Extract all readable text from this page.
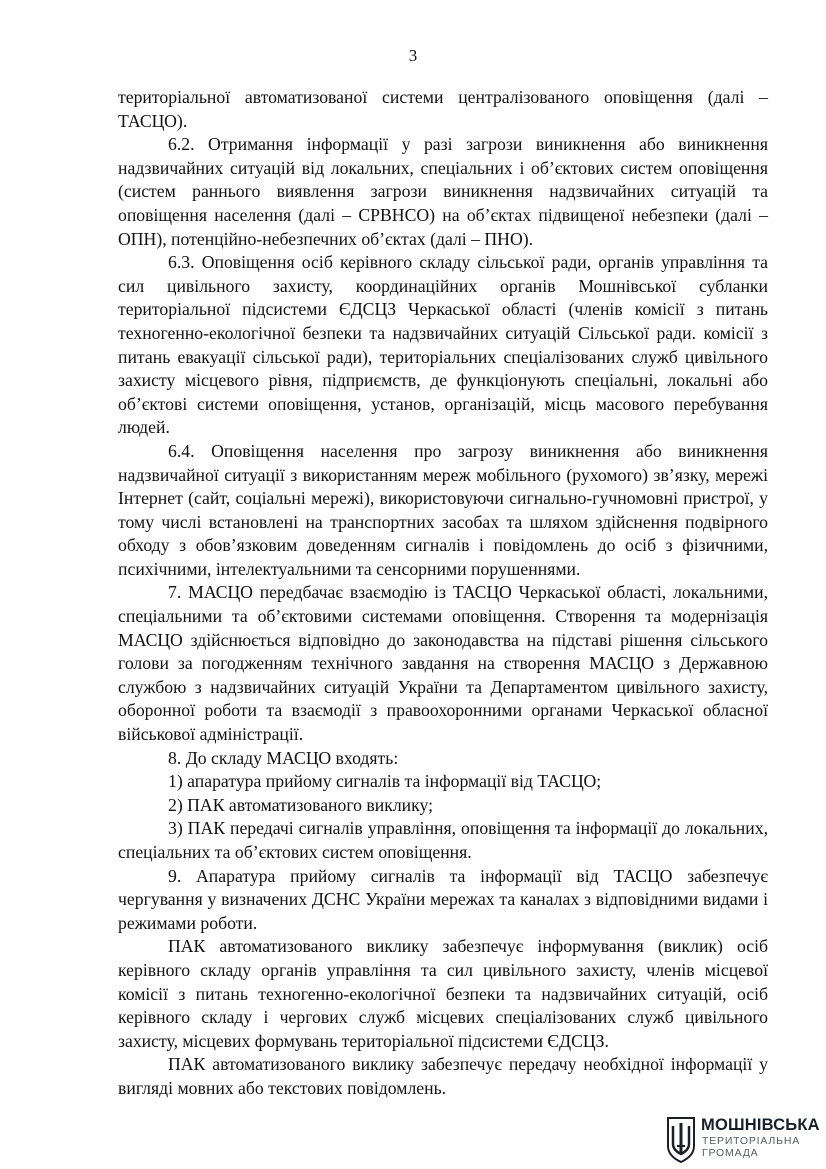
3

територіальної автоматизованої системи централізованого оповіщення (далі – ТАСЦО).

6.2. Отримання інформації у разі загрози виникнення або виникнення надзвичайних ситуацій від локальних, спеціальних і об’єктових систем оповіщення (систем раннього виявлення загрози виникнення надзвичайних ситуацій та оповіщення населення (далі – СРВНСО) на об’єктах підвищеної небезпеки (далі – ОПН), потенційно-небезпечних об’єктах (далі – ПНО).

6.3. Оповіщення осіб керівного складу сільської ради, органів управління та сил цивільного захисту, координаційних органів Мошнівської субланки територіальної підсистеми ЄДСЦЗ Черкаської області (членів комісії з питань техногенно-екологічної безпеки та надзвичайних ситуацій Сільської ради. комісії з питань евакуації сільської ради), територіальних спеціалізованих служб цивільного захисту місцевого рівня, підприємств, де функціонують спеціальні, локальні або об’єктові системи оповіщення, установ, організацій, місць масового перебування людей.

6.4. Оповіщення населення про загрозу виникнення або виникнення надзвичайної ситуації з використанням мереж мобільного (рухомого) зв’язку, мережі Інтернет (сайт, соціальні мережі), використовуючи сигнально-гучномовні пристрої, у тому числі встановлені на транспортних засобах та шляхом здійснення подвірного обходу з обов’язковим доведенням сигналів і повідомлень до осіб з фізичними, психічними, інтелектуальними та сенсорними порушеннями.

7. МАСЦО передбачає взаємодію із ТАСЦО Черкаської області, локальними, спеціальними та об’єктовими системами оповіщення. Створення та модернізація МАСЦО здійснюється відповідно до законодавства на підставі рішення сільського голови за погодженням технічного завдання на створення МАСЦО з Державною службою з надзвичайних ситуацій України та Департаментом цивільного захисту, оборонної роботи та взаємодії з правоохоронними органами Черкаської обласної військової адміністрації.

8. До складу МАСЦО входять:

1) апаратура прийому сигналів та інформації від ТАСЦО;

2) ПАК автоматизованого виклику;

3) ПАК передачі сигналів управління, оповіщення та інформації до локальних, спеціальних та об’єктових систем оповіщення.

9. Апаратура прийому сигналів та інформації від ТАСЦО забезпечує чергування у визначених ДСНС України мережах та каналах з відповідними видами і режимами роботи.

ПАК автоматизованого виклику забезпечує інформування (виклик) осіб керівного складу органів управління та сил цивільного захисту, членів місцевої комісії з питань техногенно-екологічної безпеки та надзвичайних ситуацій, осіб керівного складу і чергових служб місцевих спеціалізованих служб цивільного захисту, місцевих формувань територіальної підсистеми ЄДСЦЗ.

ПАК автоматизованого виклику забезпечує передачу необхідної інформації у вигляді мовних або текстових повідомлень.

МОШНІВСЬКА
ТЕРИТОРІАЛЬНА
ГРОМАДА
